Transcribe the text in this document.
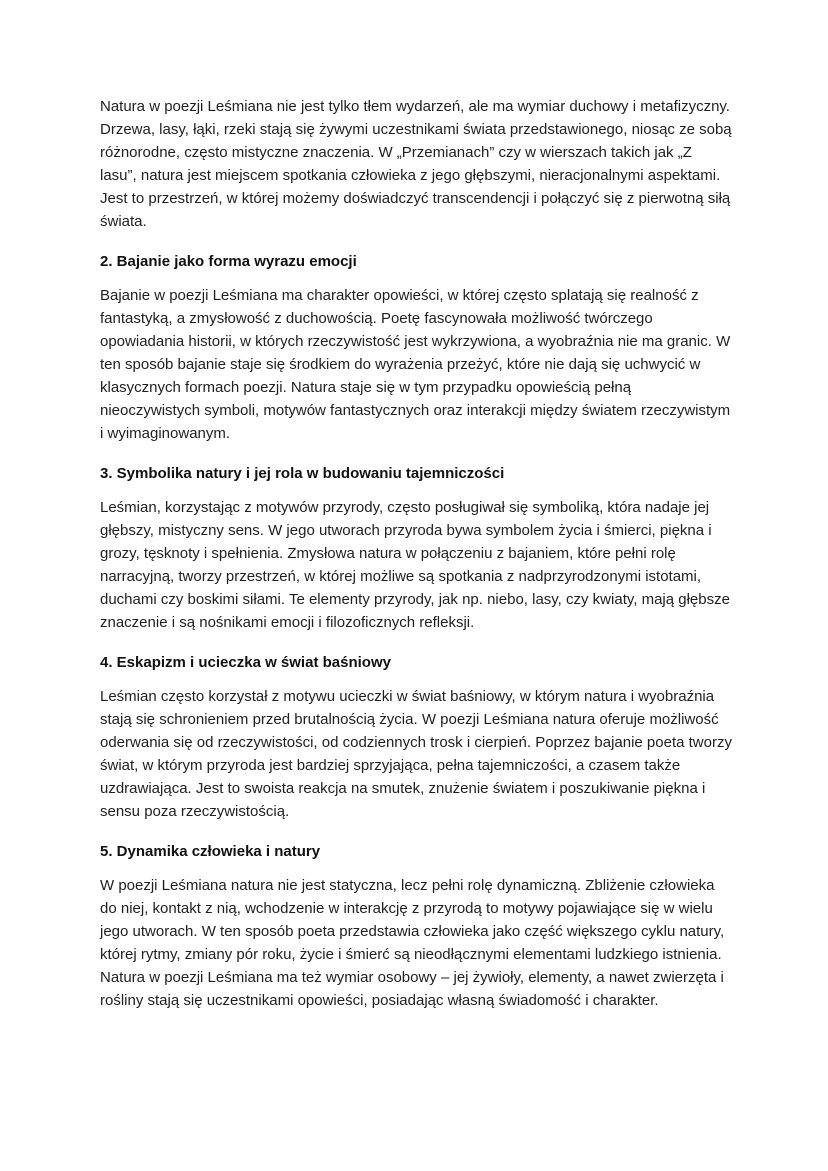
Natura w poezji Leśmiana nie jest tylko tłem wydarzeń, ale ma wymiar duchowy i metafizyczny. Drzewa, lasy, łąki, rzeki stają się żywymi uczestnikami świata przedstawionego, niosąc ze sobą różnorodne, często mistyczne znaczenia. W „Przemianach” czy w wierszach takich jak „Z lasu”, natura jest miejscem spotkania człowieka z jego głębszymi, nieracjonalnymi aspektami. Jest to przestrzeń, w której możemy doświadczyć transcendencji i połączyć się z pierwotną siłą świata.

2. Bajanie jako forma wyrazu emocji

Bajanie w poezji Leśmiana ma charakter opowieści, w której często splatają się realność z fantastyką, a zmysłowość z duchowością. Poetę fascynowała możliwość twórczego opowiadania historii, w których rzeczywistość jest wykrzywiona, a wyobraźnia nie ma granic. W ten sposób bajanie staje się środkiem do wyrażenia przeżyć, które nie dają się uchwycić w klasycznych formach poezji. Natura staje się w tym przypadku opowieścią pełną nieoczywistych symboli, motywów fantastycznych oraz interakcji między światem rzeczywistym i wyimaginowanym.

3. Symbolika natury i jej rola w budowaniu tajemniczości

Leśmian, korzystając z motywów przyrody, często posługiwał się symboliką, która nadaje jej głębszy, mistyczny sens. W jego utworach przyroda bywa symbolem życia i śmierci, piękna i grozy, tęsknoty i spełnienia. Zmysłowa natura w połączeniu z bajaniem, które pełni rolę narracyjną, tworzy przestrzeń, w której możliwe są spotkania z nadprzyrodzonymi istotami, duchami czy boskimi siłami. Te elementy przyrody, jak np. niebo, lasy, czy kwiaty, mają głębsze znaczenie i są nośnikami emocji i filozoficznych refleksji.

4. Eskapizm i ucieczka w świat baśniowy

Leśmian często korzystał z motywu ucieczki w świat baśniowy, w którym natura i wyobraźnia stają się schronieniem przed brutalnością życia. W poezji Leśmiana natura oferuje możliwość oderwania się od rzeczywistości, od codziennych trosk i cierpień. Poprzez bajanie poeta tworzy świat, w którym przyroda jest bardziej sprzyjająca, pełna tajemniczości, a czasem także uzdrawiająca. Jest to swoista reakcja na smutek, znużenie światem i poszukiwanie piękna i sensu poza rzeczywistością.

5. Dynamika człowieka i natury

W poezji Leśmiana natura nie jest statyczna, lecz pełni rolę dynamiczną. Zbliżenie człowieka do niej, kontakt z nią, wchodzenie w interakcję z przyrodą to motywy pojawiające się w wielu jego utworach. W ten sposób poeta przedstawia człowieka jako część większego cyklu natury, której rytmy, zmiany pór roku, życie i śmierć są nieodłącznymi elementami ludzkiego istnienia. Natura w poezji Leśmiana ma też wymiar osobowy – jej żywioły, elementy, a nawet zwierzęta i rośliny stają się uczestnikami opowieści, posiadając własną świadomość i charakter.
